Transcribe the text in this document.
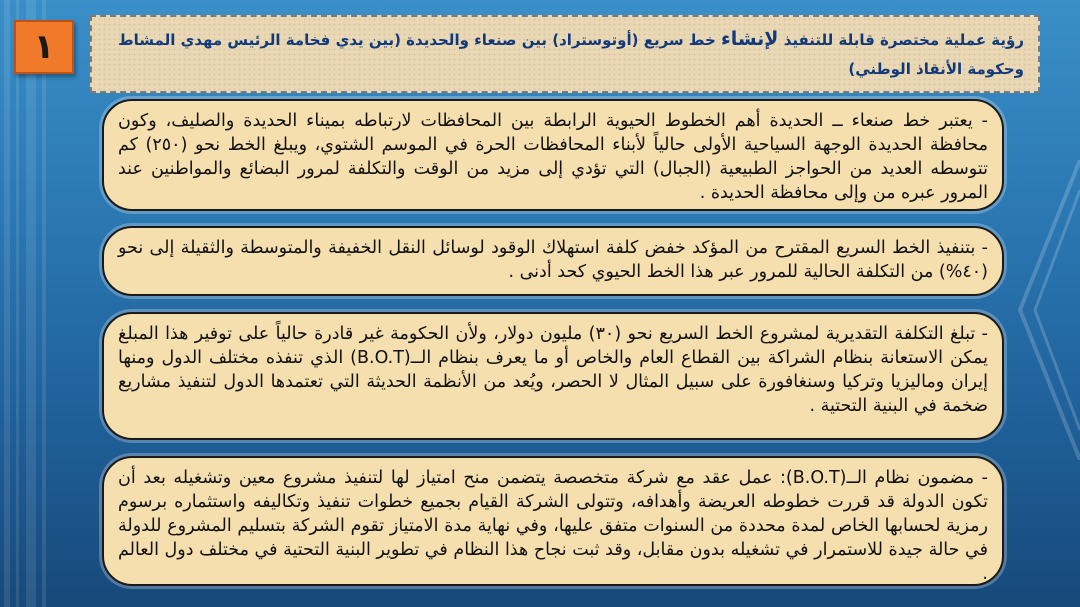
١	رؤية عملية مختصرة قابلة للتنفيذ لإنشاء خط سريع (أوتوستراد) بين صنعاء والحديدة (بين يدي فخامة الرئيس مهدي المشاط وحكومة الأنقاذ الوطني)
- يعتبر خط صنعاء ــ الحديدة أهم الخطوط الحيوية الرابطة بين المحافظات لارتباطه بميناء الحديدة والصليف، وكون محافظة الحديدة الوجهة السياحية الأولى حالياً لأبناء المحافظات الحرة في الموسم الشتوي، ويبلغ الخط نحو (٢٥٠) كم تتوسطه العديد من الحواجز الطبيعية (الجبال) التي تؤدي إلى مزيد من الوقت والتكلفة لمرور البضائع والمواطنين عند المرور عبره من وإلى محافظة الحديدة .
- بتنفيذ الخط السريع المقترح من المؤكد خفض كلفة استهلاك الوقود لوسائل النقل الخفيفة والمتوسطة والثقيلة إلى نحو (٤٠%) من التكلفة الحالية للمرور عبر هذا الخط الحيوي كحد أدنى .
- تبلغ التكلفة التقديرية لمشروع الخط السريع نحو (٣٠) مليون دولار، ولأن الحكومة غير قادرة حالياً على توفير هذا المبلغ يمكن الاستعانة بنظام الشراكة بين القطاع العام والخاص أو ما يعرف بنظام الــ(B.O.T) الذي تنفذه مختلف الدول ومنها إيران وماليزيا وتركيا وسنغافورة على سبيل المثال لا الحصر، ويُعد من الأنظمة الحديثة التي تعتمدها الدول لتنفيذ مشاريع ضخمة في البنية التحتية .
- مضمون نظام الــ(B.O.T): عمل عقد مع شركة متخصصة يتضمن منح امتياز لها لتنفيذ مشروع معين وتشغيله بعد أن تكون الدولة قد قررت خطوطه العريضة وأهدافه، وتتولى الشركة القيام بجميع خطوات تنفيذ وتكاليفه واستثماره برسوم رمزية لحسابها الخاص لمدة محددة من السنوات متفق عليها، وفي نهاية مدة الامتياز تقوم الشركة بتسليم المشروع للدولة في حالة جيدة للاستمرار في تشغيله بدون مقابل، وقد ثبت نجاح هذا النظام في تطوير البنية التحتية في مختلف دول العالم .
